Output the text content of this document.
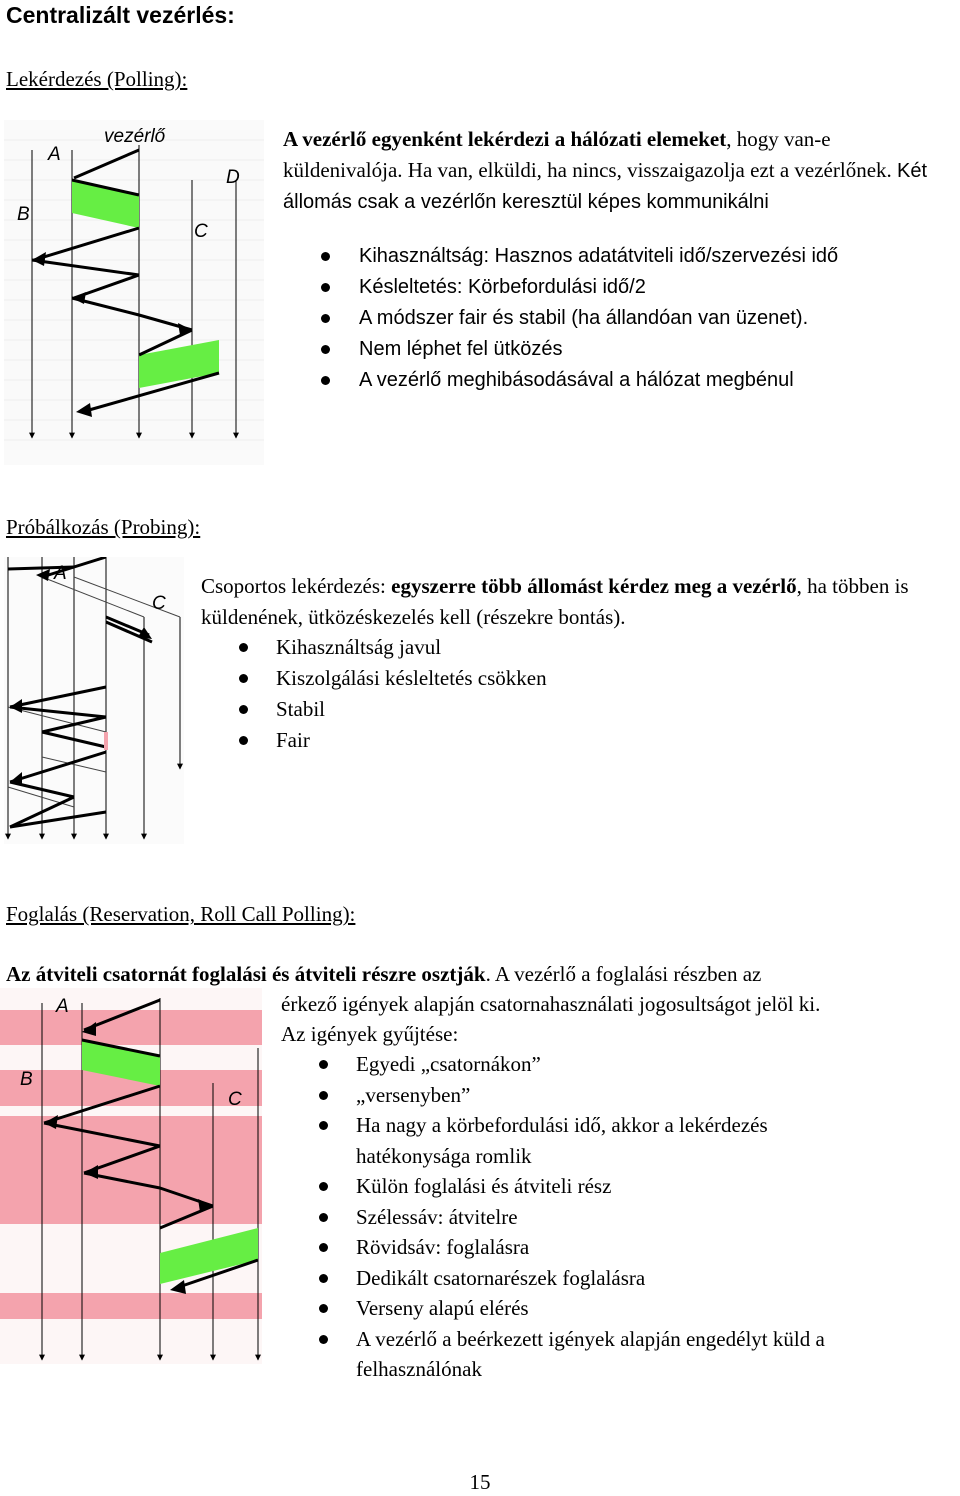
Centralizált vezérlés:
Lekérdezés (Polling):
vezérlő
A
B
C
D
A vezérlő egyenként lekérdezi a hálózati elemeket, hogy van-e küldenivalója. Ha van, elküldi, ha nincs, visszaigazolja ezt a vezérlőnek. Két állomás csak a vezérlőn keresztül képes kommunikálni
Kihasználtság: Hasznos adatátviteli idő/szervezési idő
Késleltetés: Körbefordulási idő/2
A módszer fair és stabil (ha állandóan van üzenet).
Nem léphet fel ütközés
A vezérlő meghibásodásával a hálózat megbénul
Próbálkozás (Probing):
A
C
Csoportos lekérdezés: egyszerre több állomást kérdez meg a vezérlő, ha többen is küldenének, ütközéskezelés kell (részekre bontás).
Kihasználtság javul
Kiszolgálási késleltetés csökken
Stabil
Fair
Foglalás (Reservation, Roll Call Polling):
Az átviteli csatornát foglalási és átviteli részre osztják. A vezérlő a foglalási részben az
érkező igények alapján csatornahasználati jogosultságot jelöl ki.
Az igények gyűjtése:
A
B
C
Egyedi „csatornákon”
„versenyben”
Ha nagy a körbefordulási idő, akkor a lekérdezés hatékonysága romlik
Külön foglalási és átviteli rész
Szélessáv: átvitelre
Rövidsáv: foglalásra
Dedikált csatornarészek foglalásra
Verseny alapú elérés
A vezérlő a beérkezett igények alapján engedélyt küld a felhasználónak
15
